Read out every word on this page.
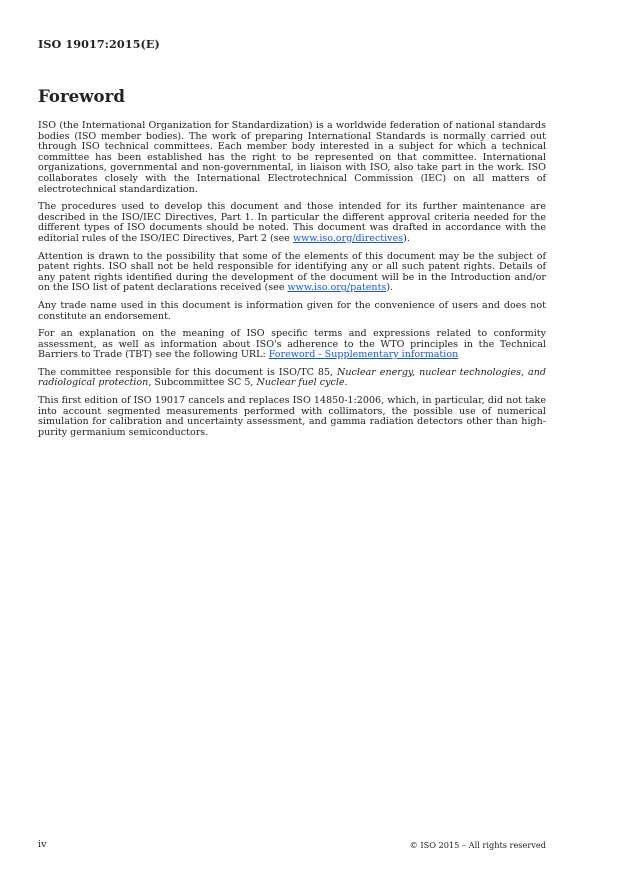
ISO 19017:2015(E)
Foreword

ISO (the International Organization for Standardization) is a worldwide federation of national standards bodies (ISO member bodies). The work of preparing International Standards is normally carried out through ISO technical committees. Each member body interested in a subject for which a technical committee has been established has the right to be represented on that committee. International organizations, governmental and non-governmental, in liaison with ISO, also take part in the work. ISO collaborates closely with the International Electrotechnical Commission (IEC) on all matters of electrotechnical standardization.

The procedures used to develop this document and those intended for its further maintenance are described in the ISO/IEC Directives, Part 1. In particular the different approval criteria needed for the different types of ISO documents should be noted. This document was drafted in accordance with the editorial rules of the ISO/IEC Directives, Part 2 (see www.iso.org/directives).

Attention is drawn to the possibility that some of the elements of this document may be the subject of patent rights. ISO shall not be held responsible for identifying any or all such patent rights. Details of any patent rights identified during the development of the document will be in the Introduction and/or on the ISO list of patent declarations received (see www.iso.org/patents).

Any trade name used in this document is information given for the convenience of users and does not constitute an endorsement.

For an explanation on the meaning of ISO specific terms and expressions related to conformity assessment, as well as information about ISO's adherence to the WTO principles in the Technical Barriers to Trade (TBT) see the following URL: Foreword - Supplementary information

The committee responsible for this document is ISO/TC 85, Nuclear energy, nuclear technologies, and radiological protection, Subcommittee SC 5, Nuclear fuel cycle.

This first edition of ISO 19017 cancels and replaces ISO 14850-1:2006, which, in particular, did not take into account segmented measurements performed with collimators, the possible use of numerical simulation for calibration and uncertainty assessment, and gamma radiation detectors other than high-purity germanium semiconductors.

iv	© ISO 2015 – All rights reserved
